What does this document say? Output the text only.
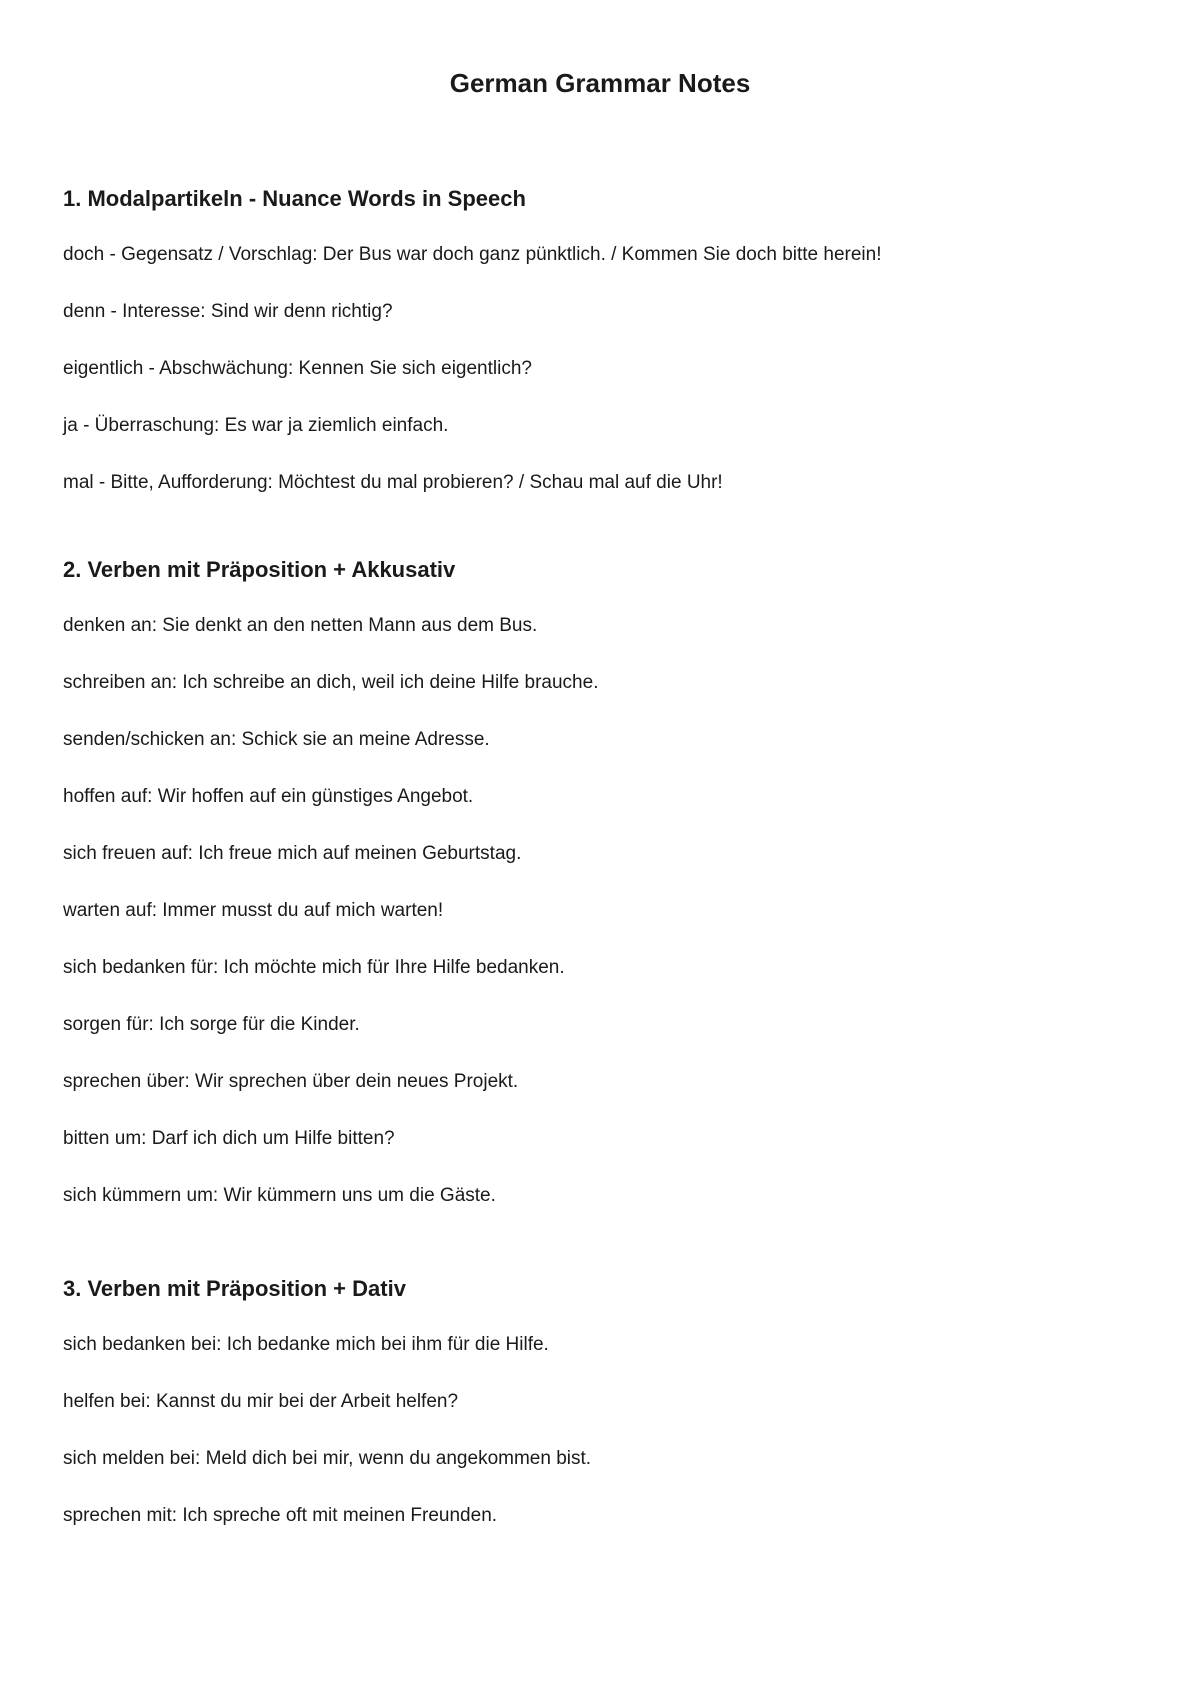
German Grammar Notes
1. Modalpartikeln - Nuance Words in Speech
doch - Gegensatz / Vorschlag: Der Bus war doch ganz pünktlich. / Kommen Sie doch bitte herein!
denn - Interesse: Sind wir denn richtig?
eigentlich - Abschwächung: Kennen Sie sich eigentlich?
ja - Überraschung: Es war ja ziemlich einfach.
mal - Bitte, Aufforderung: Möchtest du mal probieren? / Schau mal auf die Uhr!
2. Verben mit Präposition + Akkusativ
denken an: Sie denkt an den netten Mann aus dem Bus.
schreiben an: Ich schreibe an dich, weil ich deine Hilfe brauche.
senden/schicken an: Schick sie an meine Adresse.
hoffen auf: Wir hoffen auf ein günstiges Angebot.
sich freuen auf: Ich freue mich auf meinen Geburtstag.
warten auf: Immer musst du auf mich warten!
sich bedanken für: Ich möchte mich für Ihre Hilfe bedanken.
sorgen für: Ich sorge für die Kinder.
sprechen über: Wir sprechen über dein neues Projekt.
bitten um: Darf ich dich um Hilfe bitten?
sich kümmern um: Wir kümmern uns um die Gäste.
3. Verben mit Präposition + Dativ
sich bedanken bei: Ich bedanke mich bei ihm für die Hilfe.
helfen bei: Kannst du mir bei der Arbeit helfen?
sich melden bei: Meld dich bei mir, wenn du angekommen bist.
sprechen mit: Ich spreche oft mit meinen Freunden.
